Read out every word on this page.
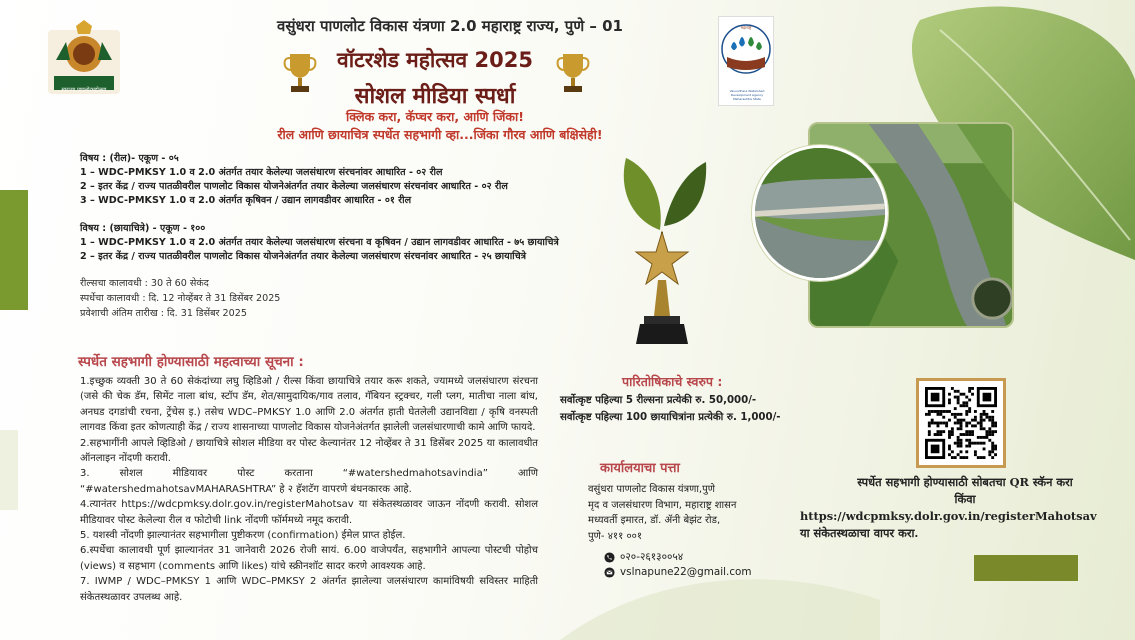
स्वराज्य पाणलोटमहोत्सव
महाराष्ट्र
Vasundhara Watershed Development Agency Maharashtra State
वसुंधरा पाणलोट विकास यंत्रणा 2.0 महाराष्ट्र राज्य, पुणे – 01
वॉटरशेड महोत्सव 2025
सोशल मीडिया स्पर्धा
क्लिक करा, कॅप्चर करा, आणि जिंका!
रील आणि छायाचित्र स्पर्धेत सहभागी व्हा...जिंका गौरव आणि बक्षिसेही!

विषय : (रील)- एकूण - ०५

1 – WDC-PMKSY 1.0 व 2.0 अंतर्गत तयार केलेल्या जलसंधारण संरचनांवर आधारित - ०२ रील

2 – इतर केंद्र / राज्य पातळीवरील पाणलोट विकास योजनेअंतर्गत तयार केलेल्या जलसंधारण संरचनांवर आधारित - ०२ रील

3 – WDC-PMKSY 1.0 व 2.0 अंतर्गत कृषिवन / उद्यान लागवडीवर आधारित - ०१ रील

विषय : (छायाचित्रे) - एकूण - १००

1 – WDC-PMKSY 1.0 व 2.0 अंतर्गत तयार केलेल्या जलसंधारण संरचना व कृषिवन / उद्यान लागवडीवर आधारित - ७५ छायाचित्रे

2 – इतर केंद्र / राज्य पातळीवरील पाणलोट विकास योजनेअंतर्गत तयार केलेल्या जलसंधारण संरचनांवर आधारित - २५ छायाचित्रे

रील्सचा कालावधी : 30 ते 60 सेकंद

स्पर्धेचा कालावधी : दि. 12 नोव्हेंबर ते 31 डिसेंबर 2025

प्रवेशाची अंतिम तारीख : दि. 31 डिसेंबर 2025

स्पर्धेत सहभागी होण्यासाठी महत्वाच्या सूचना :

1.इच्छुक व्यक्ती 30 ते 60 सेकंदांच्या लघु व्हिडिओ / रील्स किंवा छायाचित्रे तयार करू शकते, ज्यामध्ये जलसंधारण संरचना (जसे की चेक डॅम, सिमेंट नाला बांध, स्टॉप डॅम, शेत/सामुदायिक/गाव तलाव, गॅबियन स्ट्रक्चर, गली प्लग, मातीचा नाला बांध, अनघड दगडांची रचना, ट्रेंचेस इ.) तसेच WDC–PMKSY 1.0 आणि 2.0 अंतर्गत हाती घेतलेली उद्यानविद्या / कृषि वनस्पती लागवड किंवा इतर कोणत्याही केंद्र / राज्य शासनाच्या पाणलोट विकास योजनेअंतर्गत झालेली जलसंधारणाची कामे आणि फायदे.

2.सहभागींनी आपले व्हिडिओ / छायाचित्रे सोशल मीडिया वर पोस्ट केल्यानंतर 12 नोव्हेंबर ते 31 डिसेंबर 2025 या कालावधीत ऑनलाइन नोंदणी करावी.

3. सोशल मीडियावर पोस्ट करताना “#watershedmahotsavindia” आणि “#watershedmahotsavMAHARASHTRA” हे २ हॅशटॅग वापरणे बंधनकारक आहे.

4.त्यानंतर https://wdcpmksy.dolr.gov.in/registerMahotsav या संकेतस्थळावर जाऊन नोंदणी करावी. सोशल मीडियावर पोस्ट केलेल्या रील व फोटोची link नोंदणी फॉर्ममध्ये नमूद करावी.

5. यशस्वी नोंदणी झाल्यानंतर सहभागीला पुष्टीकरण (confirmation) ईमेल प्राप्त होईल.

6.स्पर्धेचा कालावधी पूर्ण झाल्यानंतर 31 जानेवारी 2026 रोजी सायं. 6.00 वाजेपर्यंत, सहभागीने आपल्या पोस्टची पोहोच (views) व सहभाग (comments आणि likes) यांचे स्क्रीनशॉट सादर करणे आवश्यक आहे.

7. IWMP / WDC–PMKSY 1 आणि WDC–PMKSY 2 अंतर्गत झालेल्या जलसंधारण कामांविषयी सविस्तर माहिती संकेतस्थळावर उपलब्ध आहे.

पारितोषिकाचे स्वरुप :

सर्वोत्कृष्ट पहिल्या 5 रील्सना प्रत्येकी रु. 50,000/-

सर्वोत्कृष्ट पहिल्या 100 छायाचित्रांना प्रत्येकी रु. 1,000/-

कार्यालयाचा पत्ता

वसुंधरा पाणलोट विकास यंत्रणा,पुणे

मृद व जलसंधारण विभाग, महाराष्ट्र शासन

मध्यवर्ती इमारत, डॉ. ॲनी बेझंट रोड,

पुणे- ४११ ००१

०२०-२६१३००५४
vslnapune22@gmail.com

स्पर्धेत सहभागी होण्यासाठी सोबतचा QR स्कॅन करा

किंवा

https://wdcpmksy.dolr.gov.in/registerMahotsav

या संकेतस्थळाचा वापर करा.
